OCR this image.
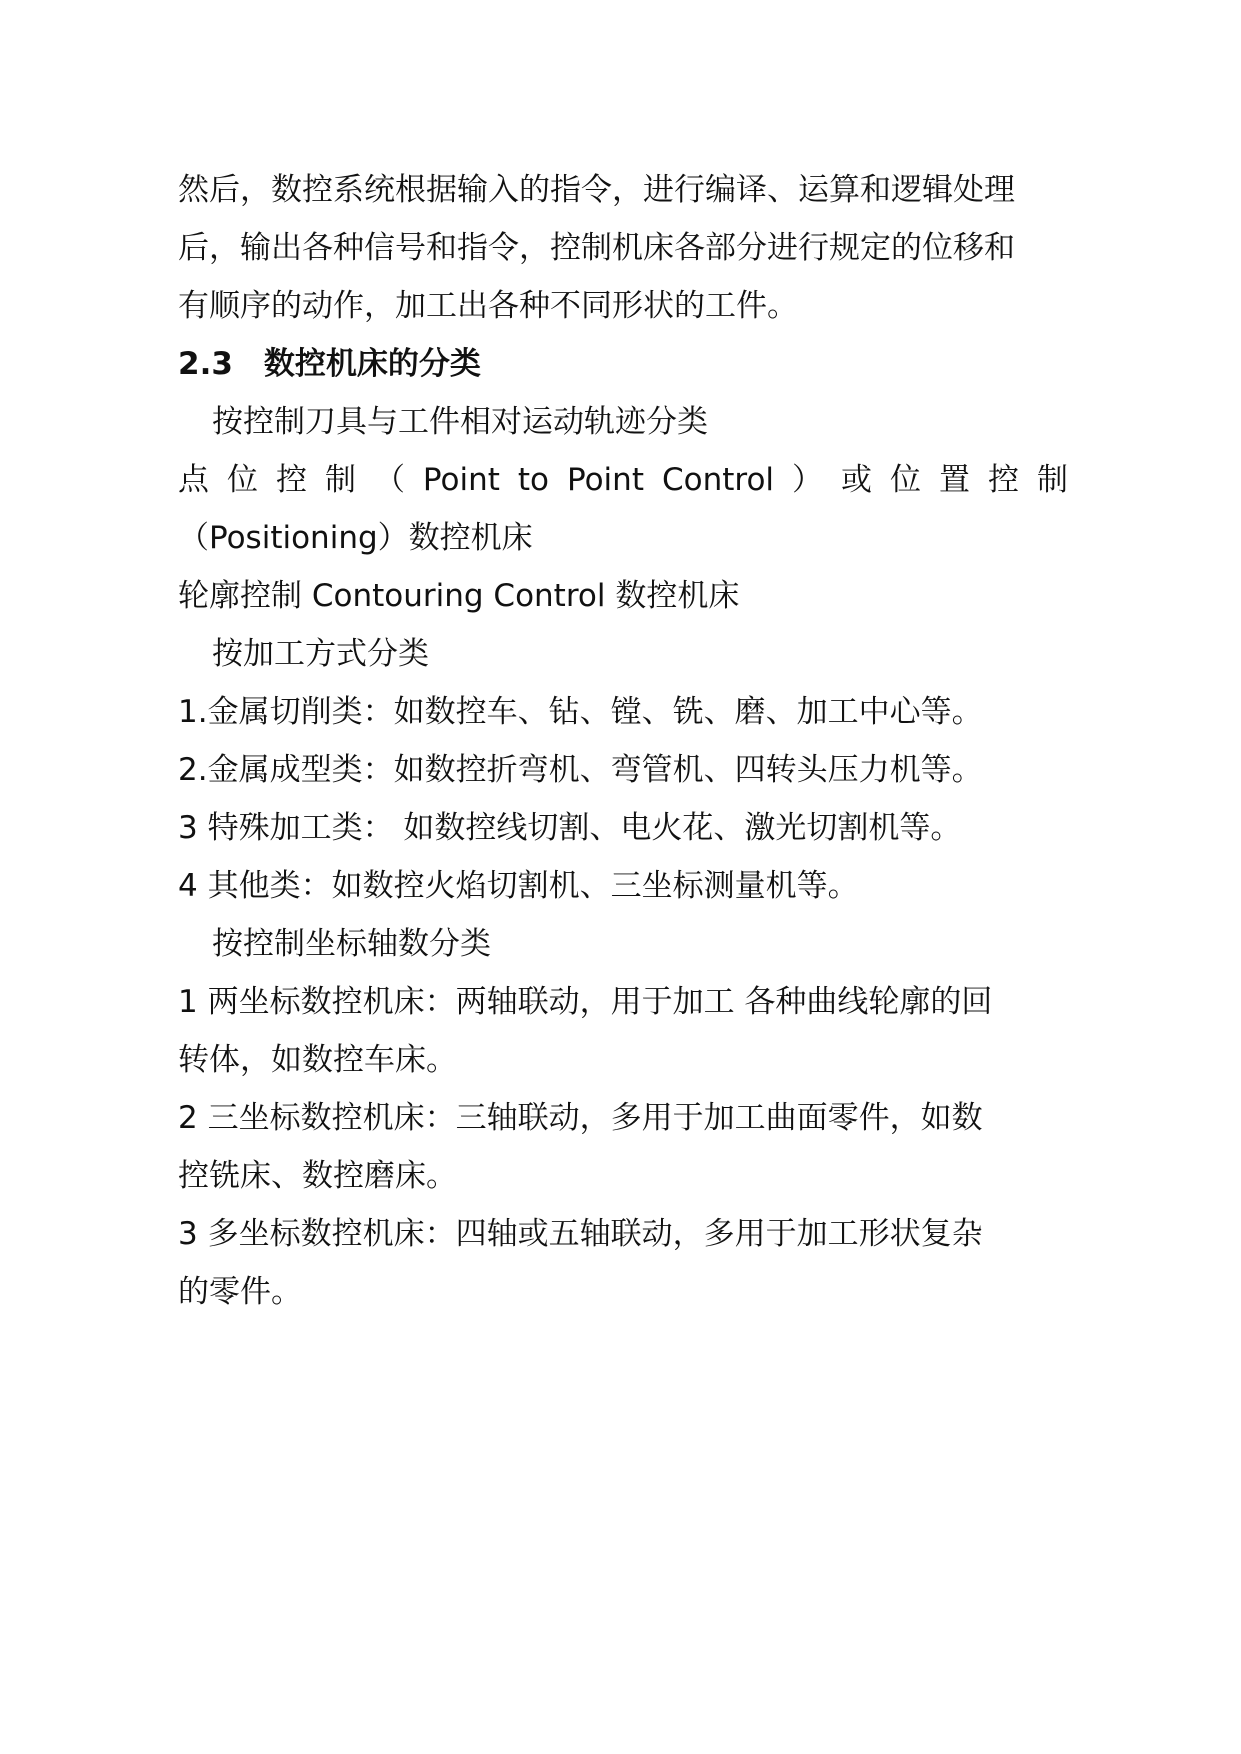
然后，数控系统根据输入的指令，进行编译、运算和逻辑处理
后，输出各种信号和指令，控制机床各部分进行规定的位移和
有顺序的动作，加工出各种不同形状的工件。
2.3　数控机床的分类
按控制刀具与工件相对运动轨迹分类
点 位 控 制 （ Point to Point Control ） 或 位 置 控 制
（Positioning）数控机床
轮廓控制 Contouring Control 数控机床
按加工方式分类
1.金属切削类：如数控车、钻、镗、铣、磨、加工中心等。
2.金属成型类：如数控折弯机、弯管机、四转头压力机等。
3 特殊加工类： 如数控线切割、电火花、激光切割机等。
4 其他类：如数控火焰切割机、三坐标测量机等。
按控制坐标轴数分类
1 两坐标数控机床：两轴联动，用于加工 各种曲线轮廓的回
转体，如数控车床。
2 三坐标数控机床：三轴联动，多用于加工曲面零件，如数
控铣床、数控磨床。
3 多坐标数控机床：四轴或五轴联动，多用于加工形状复杂
的零件。
